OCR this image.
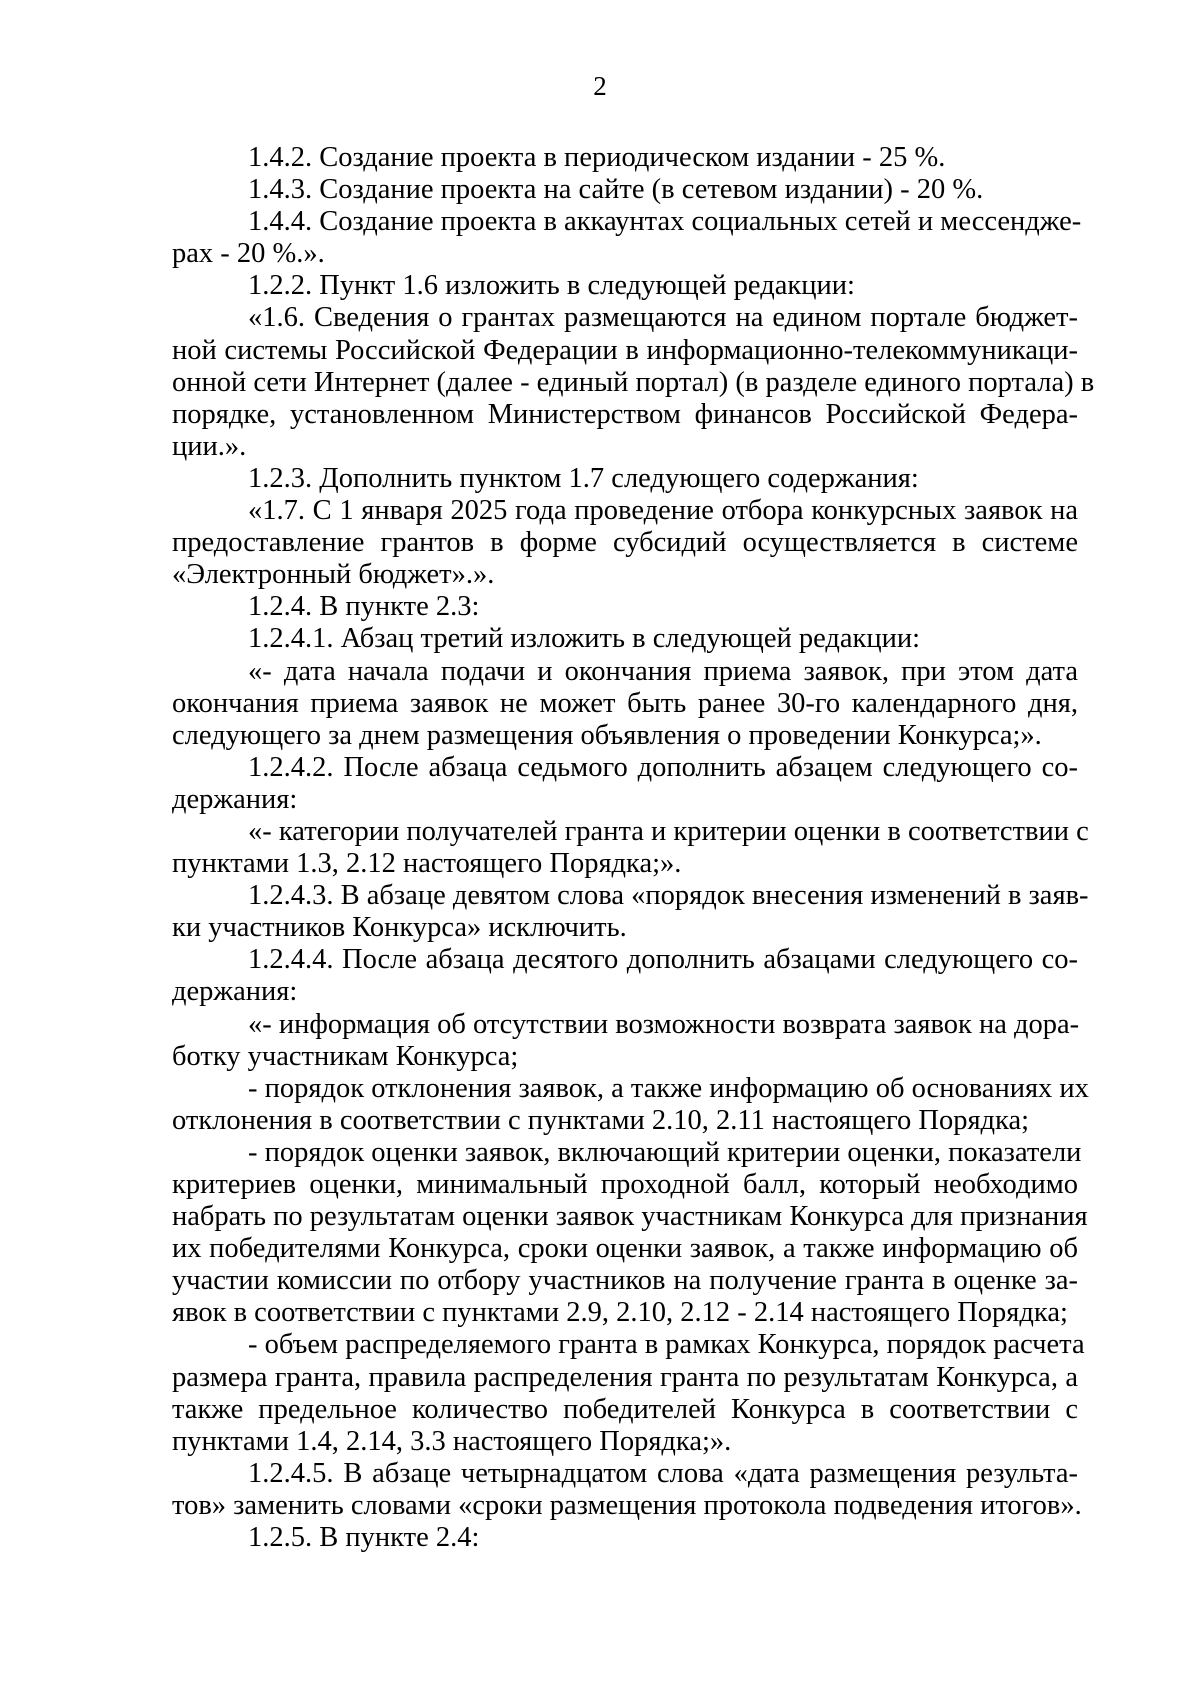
2
1.4.2. Создание проекта в периодическом издании - 25 %.
1.4.3. Создание проекта на сайте (в сетевом издании) - 20 %.
1.4.4. Создание проекта в аккаунтах социальных сетей и мессендже-
рах - 20 %.».
1.2.2. Пункт 1.6 изложить в следующей редакции:
«1.6. Сведения о грантах размещаются на едином портале бюджет-
ной системы Российской Федерации в информационно-телекоммуникаци-
онной сети Интернет (далее - единый портал) (в разделе единого портала) в
порядке, установленном Министерством финансов Российской Федера-
ции.».
1.2.3. Дополнить пунктом 1.7 следующего содержания:
«1.7. С 1 января 2025 года проведение отбора конкурсных заявок на
предоставление грантов в форме субсидий осуществляется в системе
«Электронный бюджет».».
1.2.4. В пункте 2.3:
1.2.4.1. Абзац третий изложить в следующей редакции:
«- дата начала подачи и окончания приема заявок, при этом дата
окончания приема заявок не может быть ранее 30-го календарного дня,
следующего за днем размещения объявления о проведении Конкурса;».
1.2.4.2. После абзаца седьмого дополнить абзацем следующего со-
держания:
«- категории получателей гранта и критерии оценки в соответствии с
пунктами 1.3, 2.12 настоящего Порядка;».
1.2.4.3. В абзаце девятом слова «порядок внесения изменений в заяв-
ки участников Конкурса» исключить.
1.2.4.4. После абзаца десятого дополнить абзацами следующего со-
держания:
«- информация об отсутствии возможности возврата заявок на дора-
ботку участникам Конкурса;
- порядок отклонения заявок, а также информацию об основаниях их
отклонения в соответствии с пунктами 2.10, 2.11 настоящего Порядка;
- порядок оценки заявок, включающий критерии оценки, показатели
критериев оценки, минимальный проходной балл, который необходимо
набрать по результатам оценки заявок участникам Конкурса для признания
их победителями Конкурса, сроки оценки заявок, а также информацию об
участии комиссии по отбору участников на получение гранта в оценке за-
явок в соответствии с пунктами 2.9, 2.10, 2.12 - 2.14 настоящего Порядка;
- объем распределяемого гранта в рамках Конкурса, порядок расчета
размера гранта, правила распределения гранта по результатам Конкурса, а
также предельное количество победителей Конкурса в соответствии с
пунктами 1.4, 2.14, 3.3 настоящего Порядка;».
1.2.4.5. В абзаце четырнадцатом слова «дата размещения результа-
тов» заменить словами «сроки размещения протокола подведения итогов».
1.2.5. В пункте 2.4:
